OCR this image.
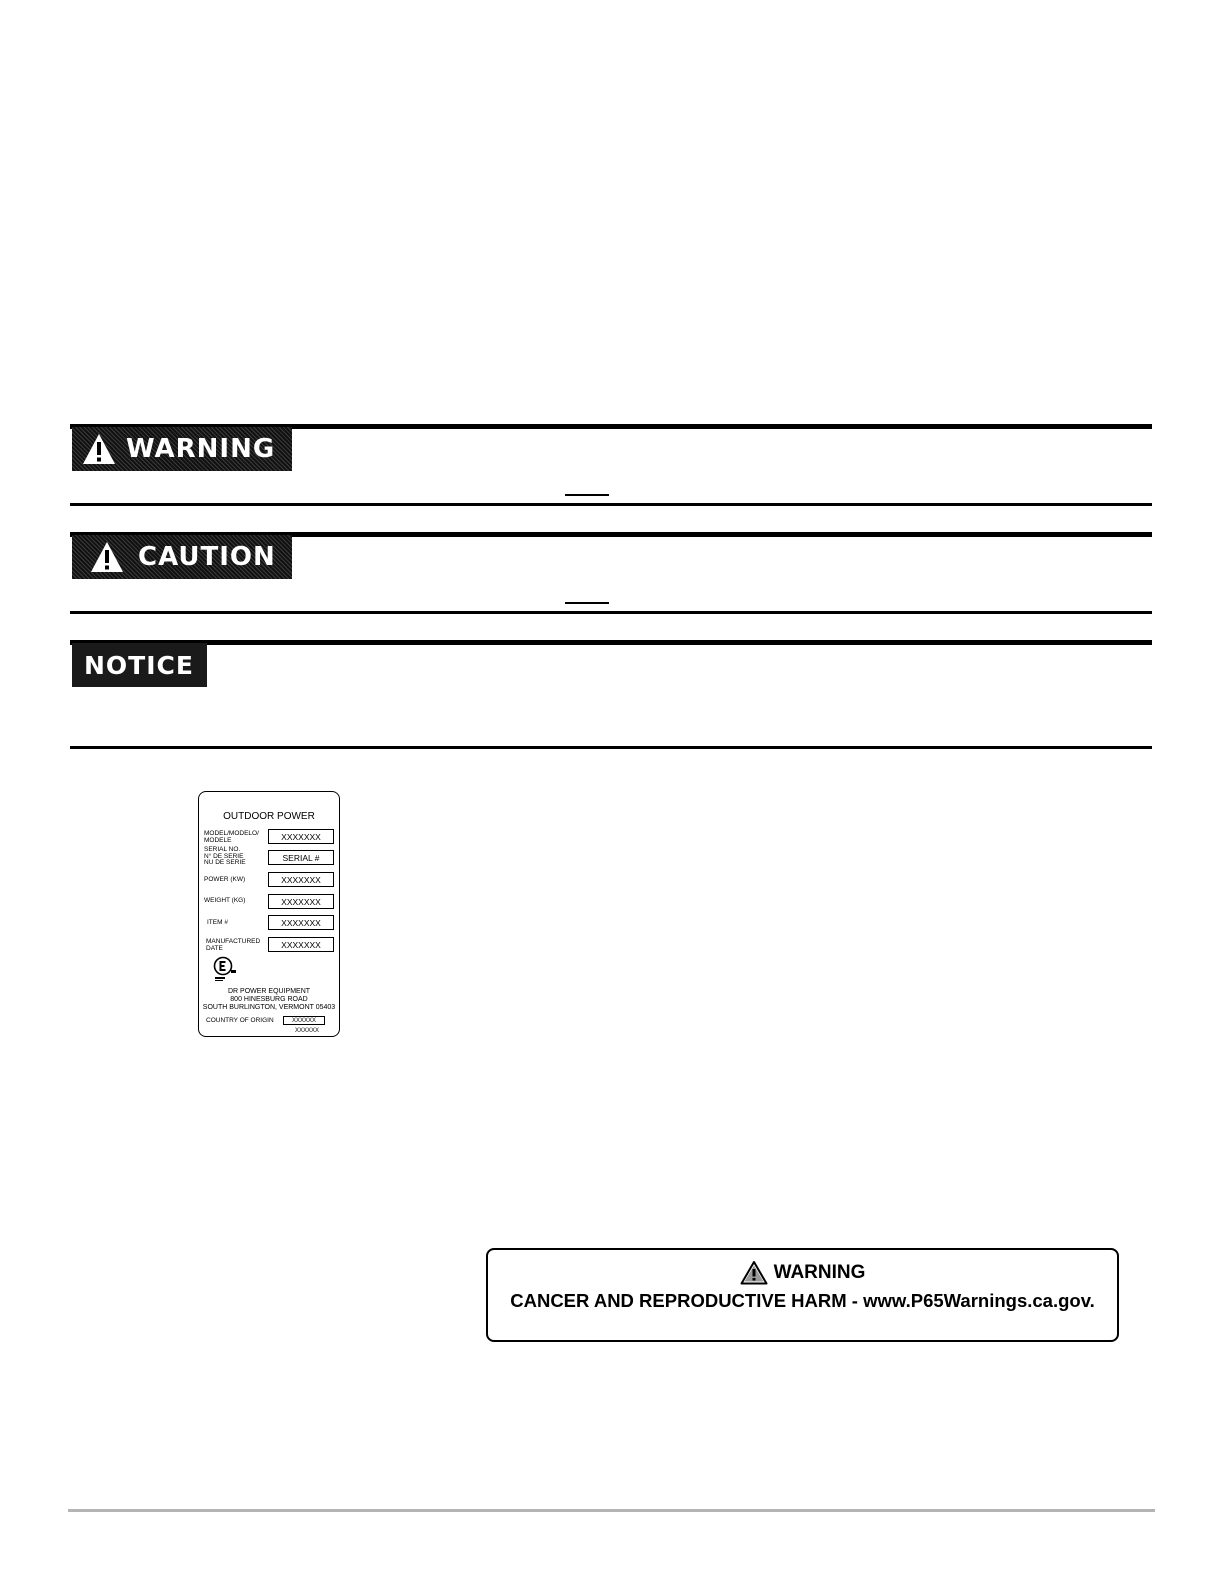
WARNING
CAUTION
NOTICE
OUTDOOR POWER
MODEL/MODELO/
MODELE	XXXXXXX
SERIAL NO.
N° DE SERIE
NU DE SERIE	SERIAL #
POWER (KW)	XXXXXXX
WEIGHT (KG)	XXXXXXX
ITEM #	XXXXXXX
MANUFACTURED
DATE	XXXXXXX
DR POWER EQUIPMENT
800 HINESBURG ROAD
SOUTH BURLINGTON, VERMONT 05403
COUNTRY OF ORIGIN	XXXXXX
XXXXXX
WARNING
CANCER AND REPRODUCTIVE HARM - www.P65Warnings.ca.gov.
